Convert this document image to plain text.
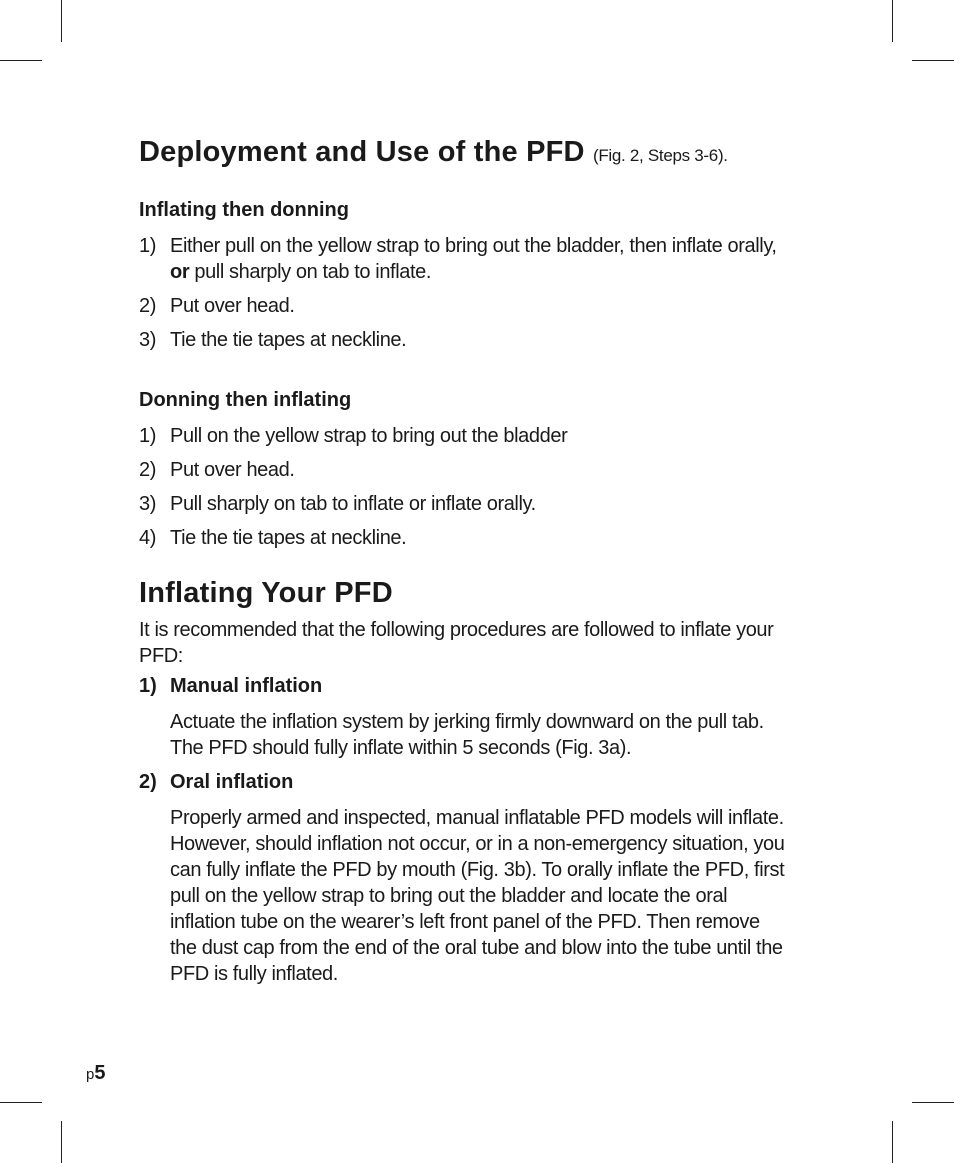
Deployment and Use of the PFD (Fig. 2, Steps 3-6).
Inflating then donning
1) Either pull on the yellow strap to bring out the bladder, then inflate orally, or pull sharply on tab to inflate.
2) Put over head.
3) Tie the tie tapes at neckline.
Donning then inflating
1) Pull on the yellow strap to bring out the bladder
2) Put over head.
3) Pull sharply on tab to inflate or inflate orally.
4) Tie the tie tapes at neckline.
Inflating Your PFD

It is recommended that the following procedures are followed to inflate your PFD:

1) Manual inflation
Actuate the inflation system by jerking firmly downward on the pull tab. The PFD should fully inflate within 5 seconds (Fig. 3a).
2) Oral inflation
Properly armed and inspected, manual inflatable PFD models will inflate. However, should inflation not occur, or in a non-emergency situation, you can fully inflate the PFD by mouth (Fig. 3b). To orally inflate the PFD, first pull on the yellow strap to bring out the bladder and locate the oral inflation tube on the wearer’s left front panel of the PFD. Then remove the dust cap from the end of the oral tube and blow into the tube until the PFD is fully inflated.
p5
